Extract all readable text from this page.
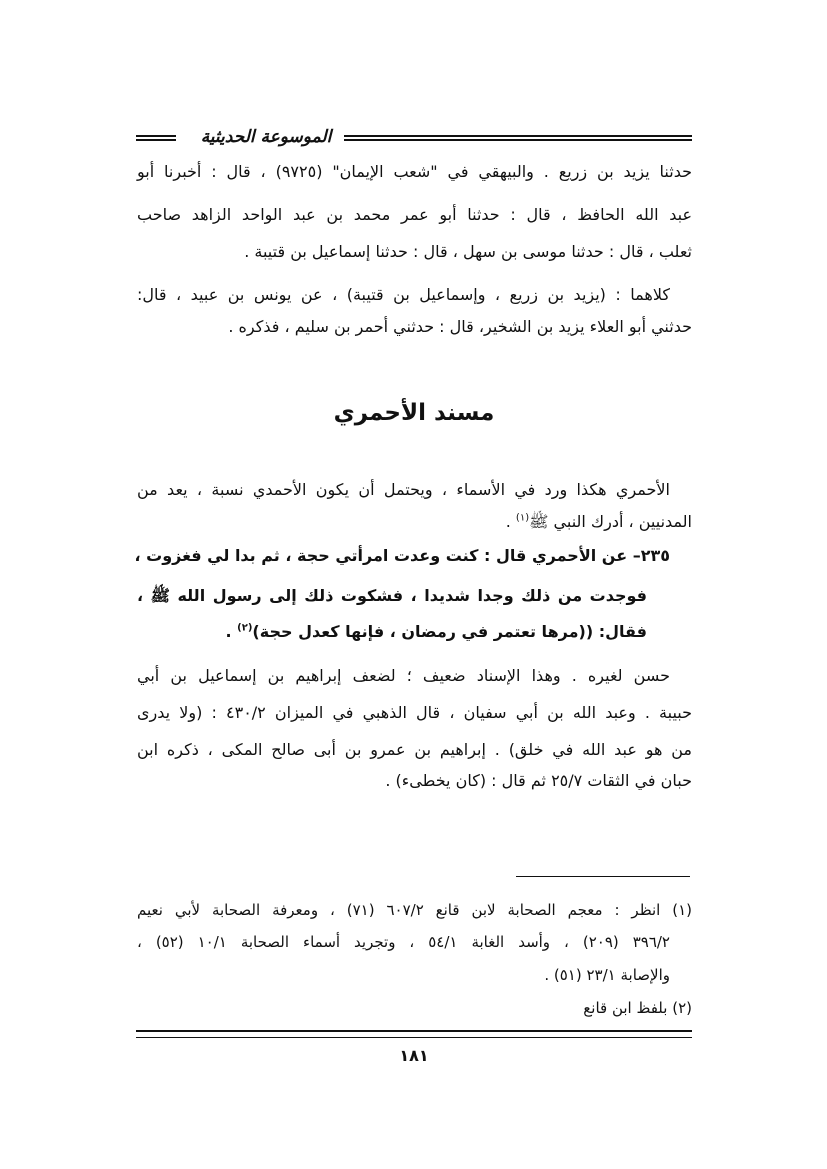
الموسوعة الحديثية
حدثنا يزيد بن زريع . والبيهقي في "شعب الإيمان" (٩٧٢٥) ، قال : أخبرنا أبو
عبد الله الحافظ ، قال : حدثنا أبو عمر محمد بن عبد الواحد الزاهد صاحب
ثعلب ، قال : حدثنا موسى بن سهل ، قال : حدثنا إسماعيل بن قتيبة .
كلاهما : (يزيد بن زريع ، وإسماعيل بن قتيبة) ، عن يونس بن عبيد ، قال:
حدثني أبو العلاء يزيد بن الشخير، قال : حدثني أحمر بن سليم ، فذكره .
مسند الأحمري
الأحمري هكذا ورد في الأسماء ، ويحتمل أن يكون الأحمدي نسبة ، يعد من
المدنيين ، أدرك النبي ﷺ$^{(١)}$ .
٢٣٥– عن الأحمري قال : كنت وعدت امرأتي حجة ، ثم بدا لي فغزوت ،
فوجدت من ذلك وجدا شديدا ، فشكوت ذلك إلى رسول الله ﷺ ،
فقال: ((مرها تعتمر في رمضان ، فإنها كعدل حجة)$^{(٢)}$ .
حسن لغيره . وهذا الإسناد ضعيف ؛ لضعف إبراهيم بن إسماعيل بن أبي
حبيبة . وعبد الله بن أبي سفيان ، قال الذهبي في الميزان ٤٣٠/٢ : (ولا يدرى
من هو عبد الله في خلق) . إبراهيم بن عمرو بن أبى صالح المكى ، ذكره ابن
حبان في الثقات ٢٥/٧ ثم قال : (كان يخطىء) .
(١) انظر : معجم الصحابة لابن قانع ٦٠٧/٢ (٧١) ، ومعرفة الصحابة لأبي نعيم
٣٩٦/٢ (٢٠٩) ، وأسد الغابة ٥٤/١ ، وتجريد أسماء الصحابة ١٠/١ (٥٢) ،
والإصابة ٢٣/١ (٥١) .
(٢) بلفظ ابن قانع
١٨١
